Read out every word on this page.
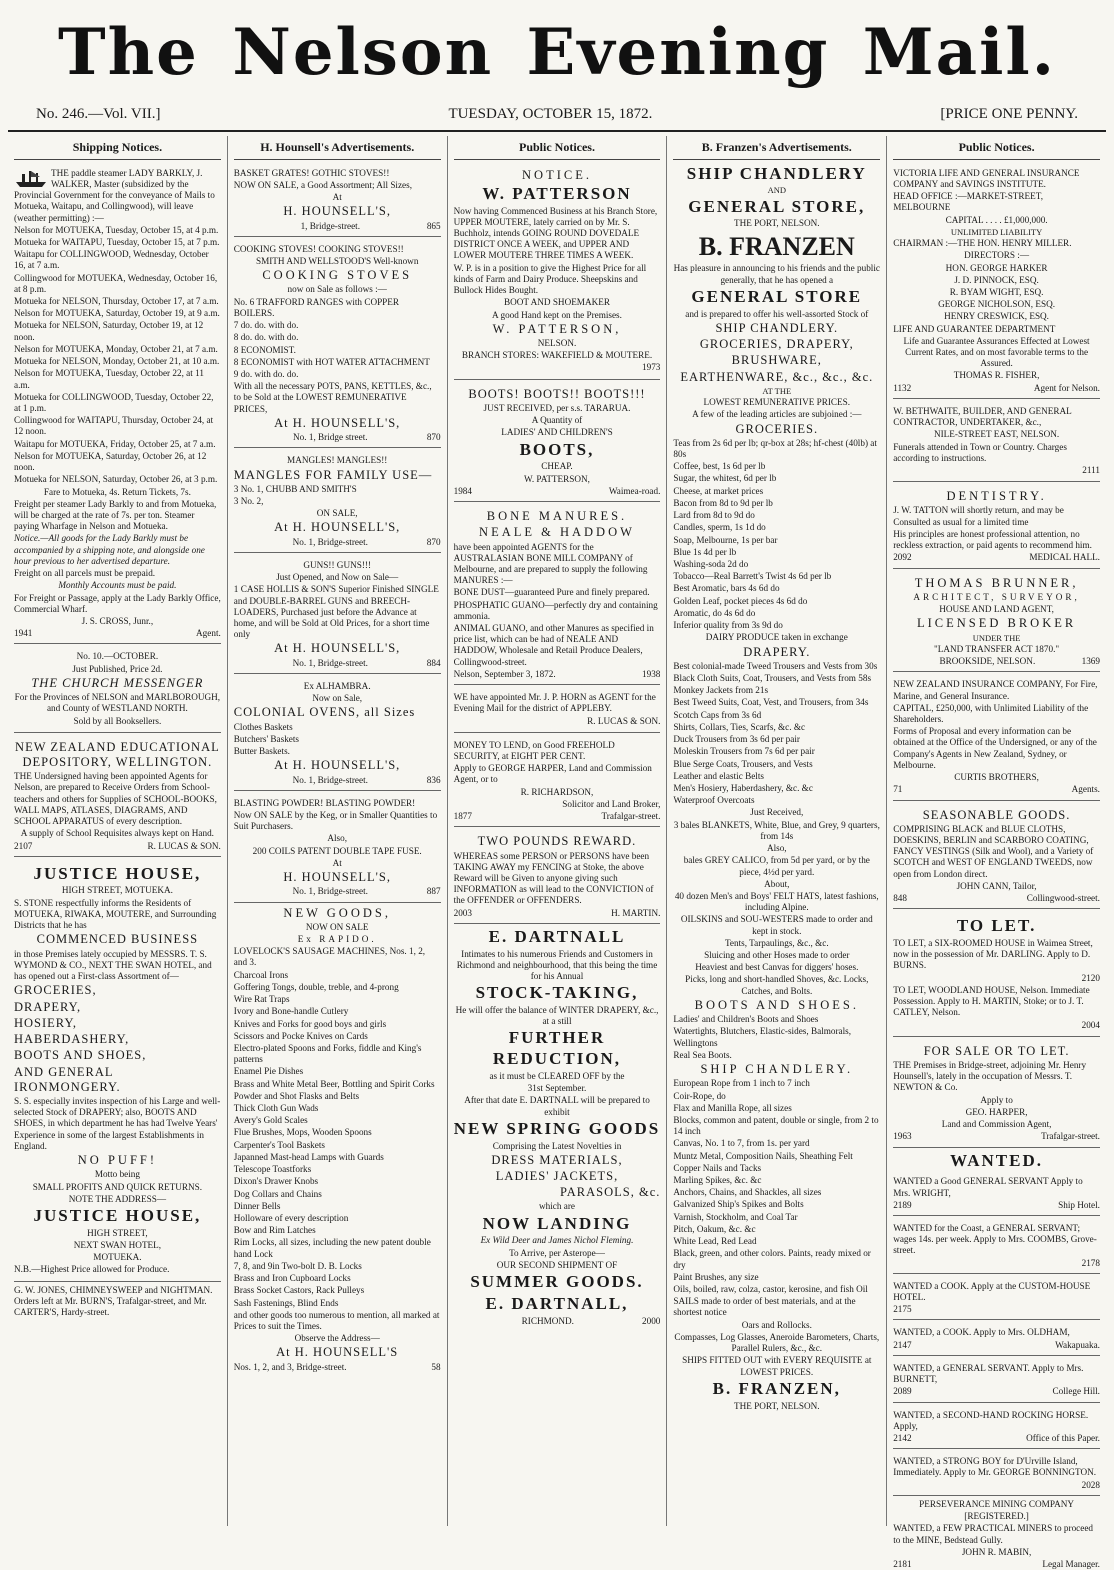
The Nelson Evening Mail.
No. 246.—Vol. VII.]	TUESDAY, OCTOBER 15, 1872.	[PRICE ONE PENNY.
Shipping Notices.

THE paddle steamer LADY BARKLY, J. WALKER, Master (subsidized by the Provincial Government for the conveyance of Mails to Motueka, Waitapu, and Collingwood), will leave (weather permitting) :—

Nelson for MOTUEKA, Tuesday, October 15, at 4 p.m.

Motueka for WAITAPU, Tuesday, October 15, at 7 p.m.

Waitapu for COLLINGWOOD, Wednesday, October 16, at 7 a.m.

Collingwood for MOTUEKA, Wednesday, October 16, at 8 p.m.

Motueka for NELSON, Thursday, October 17, at 7 a.m.

Nelson for MOTUEKA, Saturday, October 19, at 9 a.m.

Motueka for NELSON, Saturday, October 19, at 12 noon.

Nelson for MOTUEKA, Monday, October 21, at 7 a.m.

Motueka for NELSON, Monday, October 21, at 10 a.m.

Nelson for MOTUEKA, Tuesday, October 22, at 11 a.m.

Motueka for COLLINGWOOD, Tuesday, October 22, at 1 p.m.

Collingwood for WAITAPU, Thursday, October 24, at 12 noon.

Waitapu for MOTUEKA, Friday, October 25, at 7 a.m.

Nelson for MOTUEKA, Saturday, October 26, at 12 noon.

Motueka for NELSON, Saturday, October 26, at 3 p.m.

Fare to Motueka, 4s. Return Tickets, 7s.

Freight per steamer Lady Barkly to and from Motueka, will be charged at the rate of 7s. per ton. Steamer paying Wharfage in Nelson and Motueka.

Notice.—All goods for the Lady Barkly must be accompanied by a shipping note, and alongside one hour previous to her advertised departure.

Freight on all parcels must be prepaid.

Monthly Accounts must be paid.

For Freight or Passage, apply at the Lady Barkly Office, Commercial Wharf.

J. S. CROSS, Junr.,

1941	Agent.

No. 10.—OCTOBER.

Just Published, Price 2d.

THE CHURCH MESSENGER

For the Provinces of NELSON and MARLBOROUGH, and County of WESTLAND NORTH.

Sold by all Booksellers.

NEW ZEALAND EDUCATIONAL DEPOSITORY, WELLINGTON.

THE Undersigned having been appointed Agents for Nelson, are prepared to Receive Orders from School-teachers and others for Supplies of SCHOOL-BOOKS, WALL MAPS, ATLASES, DIAGRAMS, AND SCHOOL APPARATUS of every description.

A supply of School Requisites always kept on Hand.

2107	R. LUCAS & SON.

JUSTICE HOUSE,

HIGH STREET, MOTUEKA.

S. STONE respectfully informs the Residents of MOTUEKA, RIWAKA, MOUTERE, and Surrounding Districts that he has

COMMENCED BUSINESS

in those Premises lately occupied by MESSRS. T. S. WYMOND & CO., NEXT THE SWAN HOTEL, and has opened out a First-class Assortment of—

GROCERIES,

DRAPERY,

HOSIERY,

HABERDASHERY,

BOOTS AND SHOES,

AND GENERAL IRONMONGERY.

S. S. especially invites inspection of his Large and well-selected Stock of DRAPERY; also, BOOTS AND SHOES, in which department he has had Twelve Years' Experience in some of the largest Establishments in England.

NO PUFF!

Motto being

SMALL PROFITS AND QUICK RETURNS.

NOTE THE ADDRESS—

JUSTICE HOUSE,

HIGH STREET,

NEXT SWAN HOTEL,

MOTUEKA.

N.B.—Highest Price allowed for Produce.

G. W. JONES, CHIMNEYSWEEP and NIGHTMAN. Orders left at Mr. BURN'S, Trafalgar-street, and Mr. CARTER'S, Hardy-street.

H. Hounsell's Advertisements.

BASKET GRATES! GOTHIC STOVES!!

NOW ON SALE, a Good Assortment; All Sizes,

At

H. HOUNSELL'S,

1, Bridge-street.	865

COOKING STOVES! COOKING STOVES!!

SMITH AND WELLSTOOD'S Well-known

COOKING STOVES

now on Sale as follows :—

No. 6 TRAFFORD RANGES with COPPER BOILERS.

7 do. do. with do.

8 do. do. with do.

8 ECONOMIST.

8 ECONOMIST with HOT WATER ATTACHMENT

9 do. with do. do.

With all the necessary POTS, PANS, KETTLES, &c., to be Sold at the LOWEST REMUNERATIVE PRICES,

At H. HOUNSELL'S,

No. 1, Bridge street.	870

MANGLES! MANGLES!!

MANGLES FOR FAMILY USE—

3 No. 1, CHUBB AND SMITH'S

3 No. 2,

ON SALE,

At H. HOUNSELL'S,

No. 1, Bridge-street.	870

GUNS!! GUNS!!!

Just Opened, and Now on Sale—

1 CASE HOLLIS & SON'S Superior Finished SINGLE and DOUBLE-BARREL GUNS and BREECH-LOADERS, Purchased just before the Advance at home, and will be Sold at Old Prices, for a short time only

At H. HOUNSELL'S,

No. 1, Bridge-street.	884

Ex ALHAMBRA.

Now on Sale,

COLONIAL OVENS, all Sizes

Clothes Baskets

Butchers' Baskets

Butter Baskets.

At H. HOUNSELL'S,

No. 1, Bridge-street.	836

BLASTING POWDER! BLASTING POWDER!

Now ON SALE by the Keg, or in Smaller Quantities to Suit Purchasers.

Also,

200 COILS PATENT DOUBLE TAPE FUSE.

At

H. HOUNSELL'S,

No. 1, Bridge-street.	887

NEW GOODS,

NOW ON SALE

Ex RAPIDO.

LOVELOCK'S SAUSAGE MACHINES, Nos. 1, 2, and 3.

Charcoal Irons

Goffering Tongs, double, treble, and 4-prong

Wire Rat Traps

Ivory and Bone-handle Cutlery

Knives and Forks for good boys and girls

Scissors and Pocke Knives on Cards

Electro-plated Spoons and Forks, fiddle and King's patterns

Enamel Pie Dishes

Brass and White Metal Beer, Bottling and Spirit Corks

Powder and Shot Flasks and Belts

Thick Cloth Gun Wads

Avery's Gold Scales

Flue Brushes, Mops, Wooden Spoons

Carpenter's Tool Baskets

Japanned Mast-head Lamps with Guards

Telescope Toastforks

Dixon's Drawer Knobs

Dog Collars and Chains

Dinner Bells

Holloware of every description

Bow and Rim Latches

Rim Locks, all sizes, including the new patent double hand Lock

7, 8, and 9in Two-bolt D. B. Locks

Brass and Iron Cupboard Locks

Brass Socket Castors, Rack Pulleys

Sash Fastenings, Blind Ends

and other goods too numerous to mention, all marked at Prices to suit the Times.

Observe the Address—

At H. HOUNSELL'S

Nos. 1, 2, and 3, Bridge-street.	58
Public Notices.

NOTICE.

W. PATTERSON

Now having Commenced Business at his Branch Store, UPPER MOUTERE, lately carried on by Mr. S. Buchholz, intends GOING ROUND DOVEDALE DISTRICT ONCE A WEEK, and UPPER AND LOWER MOUTERE THREE TIMES A WEEK.

W. P. is in a position to give the Highest Price for all kinds of Farm and Dairy Produce. Sheepskins and Bullock Hides Bought.

BOOT AND SHOEMAKER

A good Hand kept on the Premises.

W. PATTERSON,

NELSON.

BRANCH STORES: WAKEFIELD & MOUTERE.

1973

BOOTS! BOOTS!! BOOTS!!!

JUST RECEIVED, per s.s. TARARUA.

A Quantity of

LADIES' AND CHILDREN'S

BOOTS,

CHEAP.

W. PATTERSON,

1984	Waimea-road.

BONE MANURES.

NEALE & HADDOW

have been appointed AGENTS for the AUSTRALASIAN BONE MILL COMPANY of Melbourne, and are prepared to supply the following MANURES :—

BONE DUST—guaranteed Pure and finely prepared.

PHOSPHATIC GUANO—perfectly dry and containing ammonia.

ANIMAL GUANO, and other Manures as specified in price list, which can be had of NEALE AND HADDOW, Wholesale and Retail Produce Dealers, Collingwood-street.

Nelson, September 3, 1872.	1938

WE have appointed Mr. J. P. HORN as AGENT for the Evening Mail for the district of APPLEBY.

R. LUCAS & SON.

MONEY TO LEND, on Good FREEHOLD SECURITY, at EIGHT PER CENT.

Apply to GEORGE HARPER, Land and Commission Agent, or to

R. RICHARDSON,

Solicitor and Land Broker,

1877	Trafalgar-street.

TWO POUNDS REWARD.

WHEREAS some PERSON or PERSONS have been TAKING AWAY my FENCING at Stoke, the above Reward will be Given to anyone giving such INFORMATION as will lead to the CONVICTION of the OFFENDER or OFFENDERS.

2003	H. MARTIN.

E. DARTNALL

Intimates to his numerous Friends and Customers in Richmond and neighbourhood, that this being the time for his Annual

STOCK-TAKING,

He will offer the balance of WINTER DRAPERY, &c., at a still

FURTHER REDUCTION,

as it must be CLEARED OFF by the

31st September.

After that date E. DARTNALL will be prepared to exhibit

NEW SPRING GOODS

Comprising the Latest Novelties in

DRESS MATERIALS,

LADIES' JACKETS,

PARASOLS, &c.

which are

NOW LANDING

Ex Wild Deer and James Nichol Fleming.

To Arrive, per Asterope—

OUR SECOND SHIPMENT OF

SUMMER GOODS.

E. DARTNALL,

RICHMOND.	2000
B. Franzen's Advertisements.

SHIP CHANDLERY

AND

GENERAL STORE,

THE PORT, NELSON.

B. FRANZEN

Has pleasure in announcing to his friends and the public generally, that he has opened a

GENERAL STORE

and is prepared to offer his well-assorted Stock of

SHIP CHANDLERY.

GROCERIES, DRAPERY,

BRUSHWARE,

EARTHENWARE, &c., &c., &c.

AT THE

LOWEST REMUNERATIVE PRICES.

A few of the leading articles are subjoined :—

GROCERIES.

Teas from 2s 6d per lb; qr-box at 28s; hf-chest (40lb) at 80s

Coffee, best, 1s 6d per lb

Sugar, the whitest, 6d per lb

Cheese, at market prices

Bacon from 8d to 9d per lb

Lard from 8d to 9d do

Candles, sperm, 1s 1d do

Soap, Melbourne, 1s per bar

Blue 1s 4d per lb

Washing-soda 2d do

Tobacco—Real Barrett's Twist 4s 6d per lb

Best Aromatic, bars 4s 6d do

Golden Leaf, pocket pieces 4s 6d do

Aromatic, do 4s 6d do

Inferior quality from 3s 9d do

DAIRY PRODUCE taken in exchange

DRAPERY.

Best colonial-made Tweed Trousers and Vests from 30s

Black Cloth Suits, Coat, Trousers, and Vests from 58s

Monkey Jackets from 21s

Best Tweed Suits, Coat, Vest, and Trousers, from 34s

Scotch Caps from 3s 6d

Shirts, Collars, Ties, Scarfs, &c. &c

Duck Trousers from 3s 6d per pair

Moleskin Trousers from 7s 6d per pair

Blue Serge Coats, Trousers, and Vests

Leather and elastic Belts

Men's Hosiery, Haberdashery, &c. &c

Waterproof Overcoats

Just Received,

3 bales BLANKETS, White, Blue, and Grey, 9 quarters, from 14s

Also,

bales GREY CALICO, from 5d per yard, or by the piece, 4½d per yard.

About,

40 dozen Men's and Boys' FELT HATS, latest fashions, including Alpine.

OILSKINS and SOU-WESTERS made to order and kept in stock.

Tents, Tarpaulings, &c., &c.

Sluicing and other Hoses made to order

Heaviest and best Canvas for diggers' hoses.

Picks, long and short-handled Shoves, &c. Locks, Catches, and Bolts.

BOOTS AND SHOES.

Ladies' and Children's Boots and Shoes

Watertights, Blutchers, Elastic-sides, Balmorals, Wellingtons

Real Sea Boots.

SHIP CHANDLERY.

European Rope from 1 inch to 7 inch

Coir-Rope, do

Flax and Manilla Rope, all sizes

Blocks, common and patent, double or single, from 2 to 14 inch

Canvas, No. 1 to 7, from 1s. per yard

Muntz Metal, Composition Nails, Sheathing Felt

Copper Nails and Tacks

Marling Spikes, &c. &c

Anchors, Chains, and Shackles, all sizes

Galvanized Ship's Spikes and Bolts

Varnish, Stockholm, and Coal Tar

Pitch, Oakum, &c. &c

White Lead, Red Lead

Black, green, and other colors. Paints, ready mixed or dry

Paint Brushes, any size

Oils, boiled, raw, colza, castor, kerosine, and fish Oil

SAILS made to order of best materials, and at the shortest notice

Oars and Rollocks.

Compasses, Log Glasses, Aneroide Barometers, Charts, Parallel Rulers, &c., &c.

SHIPS FITTED OUT with EVERY REQUISITE at LOWEST PRICES.

B. FRANZEN,

THE PORT, NELSON.

Public Notices.

VICTORIA LIFE AND GENERAL INSURANCE COMPANY and SAVINGS INSTITUTE.

HEAD OFFICE :—MARKET-STREET, MELBOURNE

CAPITAL . . . . £1,000,000.

UNLIMITED LIABILITY

CHAIRMAN :—THE HON. HENRY MILLER.

DIRECTORS :—

HON. GEORGE HARKER

J. D. PINNOCK, ESQ.

R. BYAM WIGHT, ESQ.

GEORGE NICHOLSON, ESQ.

HENRY CRESWICK, ESQ.

LIFE AND GUARANTEE DEPARTMENT

Life and Guarantee Assurances Effected at Lowest Current Rates, and on most favorable terms to the Assured.

THOMAS R. FISHER,

1132	Agent for Nelson.

W. BETHWAITE, BUILDER, AND GENERAL CONTRACTOR, UNDERTAKER, &c.,

NILE-STREET EAST, NELSON.

Funerals attended in Town or Country. Charges according to instructions.

2111

DENTISTRY.

J. W. TATTON will shortly return, and may be Consulted as usual for a limited time

His principles are honest professional attention, no reckless extraction, or paid agents to recommend him.

2092	MEDICAL HALL.

THOMAS BRUNNER,

ARCHITECT, SURVEYOR,

HOUSE AND LAND AGENT,

LICENSED BROKER

UNDER THE

"LAND TRANSFER ACT 1870."

BROOKSIDE, NELSON.	1369

NEW ZEALAND INSURANCE COMPANY, For Fire, Marine, and General Insurance.

CAPITAL, £250,000, with Unlimited Liability of the Shareholders.

Forms of Proposal and every information can be obtained at the Office of the Undersigned, or any of the Company's Agents in New Zealand, Sydney, or Melbourne.

CURTIS BROTHERS,

71	Agents.

SEASONABLE GOODS.

COMPRISING BLACK and BLUE CLOTHS, DOESKINS, BERLIN and SCARBORO COATING, FANCY VESTINGS (Silk and Wool), and a Variety of SCOTCH and WEST OF ENGLAND TWEEDS, now open from London direct.

JOHN CANN, Tailor,

848	Collingwood-street.

TO LET.

TO LET, a SIX-ROOMED HOUSE in Waimea Street, now in the possession of Mr. DARLING. Apply to D. BURNS.

2120

TO LET, WOODLAND HOUSE, Nelson. Immediate Possession. Apply to H. MARTIN, Stoke; or to J. T. CATLEY, Nelson.

2004

FOR SALE OR TO LET.

THE Premises in Bridge-street, adjoining Mr. Henry Hounsell's, lately in the occupation of Messrs. T. NEWTON & Co.

Apply to

GEO. HARPER,

Land and Commission Agent,

1963	Trafalgar-street.

WANTED.

WANTED a Good GENERAL SERVANT Apply to Mrs. WRIGHT,

2189	Ship Hotel.

WANTED for the Coast, a GENERAL SERVANT; wages 14s. per week. Apply to Mrs. COOMBS, Grove-street.

2178

WANTED a COOK. Apply at the CUSTOM-HOUSE HOTEL.

2175

WANTED, a COOK. Apply to Mrs. OLDHAM,

2147	Wakapuaka.

WANTED, a GENERAL SERVANT. Apply to Mrs. BURNETT,

2089	College Hill.

WANTED, a SECOND-HAND ROCKING HORSE. Apply,

2142	Office of this Paper.

WANTED, a STRONG BOY for D'Urville Island, Immediately. Apply to Mr. GEORGE BONNINGTON.

2028

PERSEVERANCE MINING COMPANY

[REGISTERED.]

WANTED, a FEW PRACTICAL MINERS to proceed to the MINE, Bedstead Gully.

JOHN R. MABIN,

2181	Legal Manager.
